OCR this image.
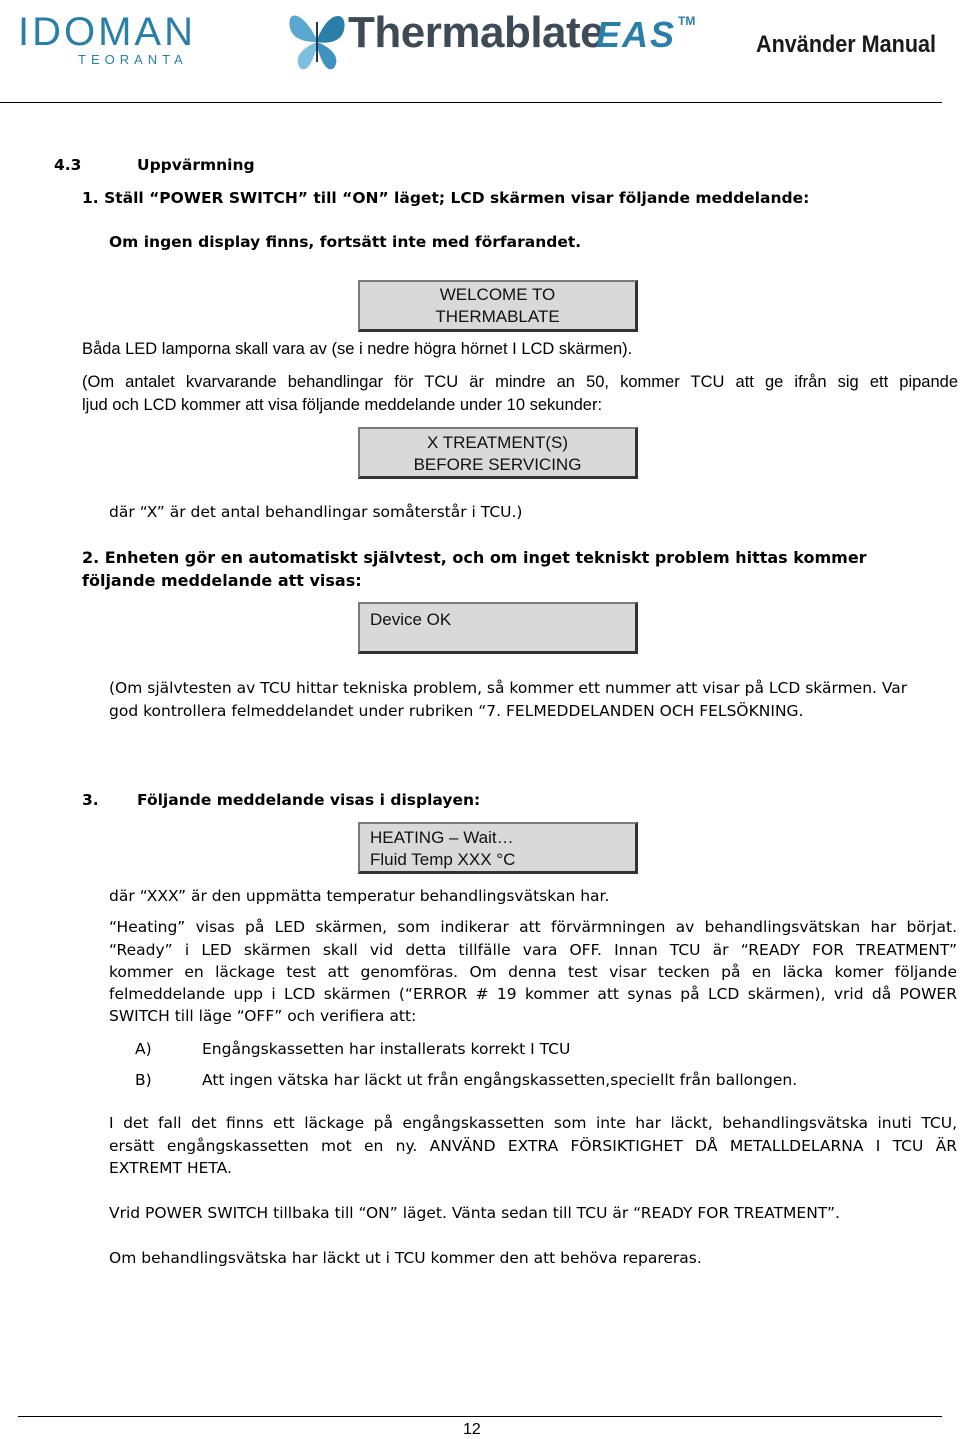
IDOMAN
TEORANTA
Thermablate
EAS TM
Använder Manual
4.3	Uppvärmning
1. Ställ “POWER SWITCH” till “ON” läget; LCD skärmen visar följande meddelande:
Om ingen display finns, fortsätt inte med förfarandet.
WELCOME TO
THERMABLATE
Båda LED lamporna skall vara av (se i nedre högra hörnet I LCD skärmen).
(Om antalet kvarvarande behandlingar för TCU är mindre an 50, kommer TCU att ge ifrån sig ett pipande
ljud och LCD kommer att visa följande meddelande under 10 sekunder:
X TREATMENT(S)
BEFORE SERVICING
där “X” är det antal behandlingar somåterstår i TCU.)
2. Enheten gör en automatiskt självtest, och om inget tekniskt problem hittas kommer
följande meddelande att visas:
Device OK
(Om självtesten av TCU hittar tekniska problem, så kommer ett nummer att visar på LCD skärmen. Var
god kontrollera felmeddelandet under rubriken “7. FELMEDDELANDEN OCH FELSÖKNING.
3. Följande meddelande visas i displayen:
HEATING – Wait…
Fluid Temp XXX °C
där “XXX” är den uppmätta temperatur behandlingsvätskan har.
“Heating” visas på LED skärmen, som indikerar att förvärmningen av behandlingsvätskan har börjat.
“Ready” i LED skärmen skall vid detta tillfälle vara OFF. Innan TCU är “READY FOR TREATMENT”
kommer en läckage test att genomföras. Om denna test visar tecken på en läcka komer följande
felmeddelande upp i LCD skärmen (“ERROR # 19 kommer att synas på LCD skärmen), vrid då POWER
SWITCH till läge “OFF” och verifiera att:
A)	Engångskassetten har installerats korrekt I TCU
B)	Att ingen vätska har läckt ut från engångskassetten,speciellt från ballongen.
I det fall det finns ett läckage på engångskassetten som inte har läckt, behandlingsvätska inuti TCU,
ersätt engångskassetten mot en ny. ANVÄND EXTRA FÖRSIKTIGHET DÅ METALLDELARNA I TCU ÄR
EXTREMT HETA.
Vrid POWER SWITCH tillbaka till “ON” läget. Vänta sedan till TCU är “READY FOR TREATMENT”.
Om behandlingsvätska har läckt ut i TCU kommer den att behöva repareras.
12
